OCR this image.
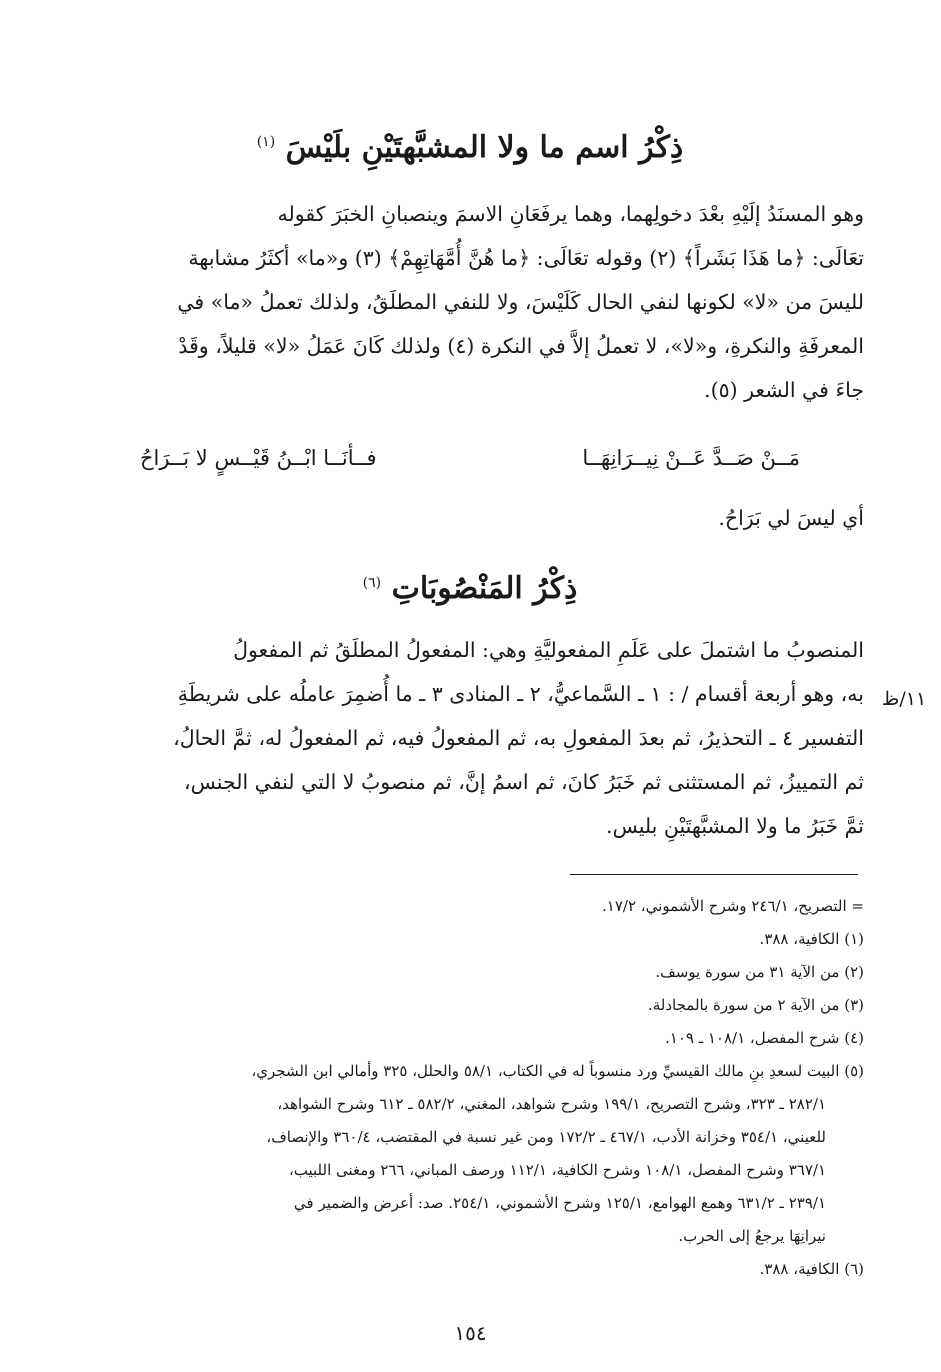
ذِكْرُ اسم ما ولا المشبَّهتَيْنِ بلَيْسَ $^{(١)}$
وهو المسنَدُ إلَيْهِ بعْدَ دخولِهما، وهما يرفَعَانِ الاسمَ وينصبانِ الخبَرَ كقوله
تعَالَى: ﴿ما هَذَا بَشَراً﴾ (٢) وقوله تعَالَى: ﴿ما هُنَّ أُمَّهَاتِهِمْ﴾ (٣) و«ما» أكثَرُ مشابهة
لليسَ من «لا» لكونها لنفي الحال كَلَيْسَ، ولا للنفي المطلَقُ، ولذلك تعملُ «ما» في
المعرفَةِ والنكرةِ، و«لا»، لا تعملُ إلاَّ في النكرة (٤) ولذلك كَانَ عَمَلُ «لا» قليلاً، وقَدْ
جاءَ في الشعر (٥).
مَــنْ صَــدَّ عَــنْ نِيــرَانِهَــا
فــأنَــا ابْــنُ قَيْــسٍ لا بَــرَاحُ
أي ليسَ لي بَرَاحُ.
ذِكْرُ المَنْصُوبَاتِ $^{(٦)}$
١١/ظ
المنصوبُ ما اشتملَ على عَلَمِ المفعوليَّةِ وهي: المفعولُ المطلَقُ ثم المفعولُ
به، وهو أربعة أقسام / : ١ ـ السَّماعيُّ، ٢ ـ المنادى ٣ ـ ما أُضمِرَ عاملُه على شريطَةِ
التفسير ٤ ـ التحذيرُ، ثم بعدَ المفعولِ به، ثم المفعولُ فيه، ثم المفعولُ له، ثمَّ الحالُ،
ثم التمييزُ، ثم المستثنى ثم خَبَرُ كانَ، ثم اسمُ إنَّ، ثم منصوبُ لا التي لنفي الجنس،
ثمَّ خَبَرُ ما ولا المشبَّهتَيْنِ بليس.
= التصريح، ٢٤٦/١ وشرح الأشموني، ١٧/٢.
(١) الكافية، ٣٨٨.
(٢) من الآية ٣١ من سورة يوسف.
(٣) من الآية ٢ من سورة بالمجادلة.
(٤) شرح المفصل، ١٠٨/١ ـ ١٠٩.
(٥) البيت لسعدِ بنِ مالك القيسيِّ ورد منسوباً له في الكتاب، ٥٨/١ والحلل، ٣٢٥ وأمالي ابن الشجري،
٢٨٢/١ ـ ٣٢٣، وشرح التصريح، ١٩٩/١ وشرح شواهد، المغني، ٥٨٢/٢ ـ ٦١٢ وشرح الشواهد،
للعيني، ٣٥٤/١ وخزانة الأدب، ٤٦٧/١ ـ ١٧٢/٢ ومن غير نسبة في المقتضب، ٣٦٠/٤ والإنصاف،
٣٦٧/١ وشرح المفصل، ١٠٨/١ وشرح الكافية، ١١٢/١ ورصف المباني، ٢٦٦ ومغنى اللبيب،
٢٣٩/١ ـ ٦٣١/٢ وهمع الهوامع، ١٢٥/١ وشرح الأشموني، ٢٥٤/١. صد: أعرض والضمير في
نيرانِهَا يرجعُ إلى الحرب.
(٦) الكافية، ٣٨٨.
١٥٤
